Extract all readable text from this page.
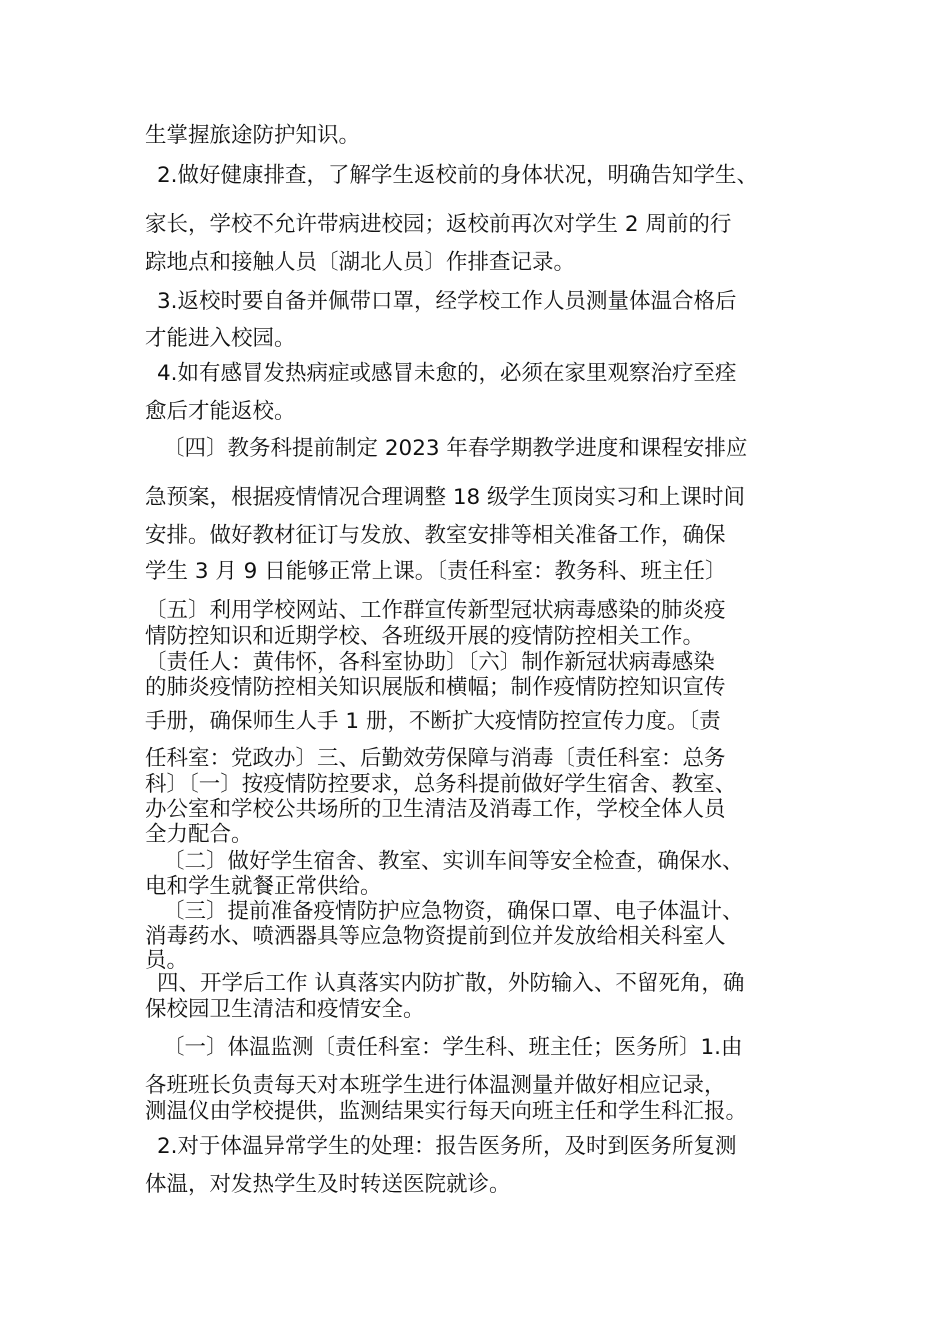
生掌握旅途防护知识。

2.做好健康排查，了解学生返校前的身体状况，明确告知学生、

家长，学校不允许带病进校园；返校前再次对学生 2 周前的行

踪地点和接触人员〔湖北人员〕作排查记录。

3.返校时要自备并佩带口罩，经学校工作人员测量体温合格后

才能进入校园。

4.如有感冒发热病症或感冒未愈的，必须在家里观察治疗至痊

愈后才能返校。

〔四〕教务科提前制定 2023 年春学期教学进度和课程安排应

急预案，根据疫情情况合理调整 18 级学生顶岗实习和上课时间

安排。做好教材征订与发放、教室安排等相关准备工作，确保

学生 3 月 9 日能够正常上课。〔责任科室：教务科、班主任〕

〔五〕利用学校网站、工作群宣传新型冠状病毒感染的肺炎疫

情防控知识和近期学校、各班级开展的疫情防控相关工作。

〔责任人：黄伟怀，各科室协助〕〔六〕制作新冠状病毒感染

的肺炎疫情防控相关知识展版和横幅；制作疫情防控知识宣传

手册，确保师生人手 1 册，不断扩大疫情防控宣传力度。〔责

任科室：党政办〕三、后勤效劳保障与消毒〔责任科室：总务

科〕〔一〕按疫情防控要求，总务科提前做好学生宿舍、教室、

办公室和学校公共场所的卫生清洁及消毒工作，学校全体人员

全力配合。

〔二〕做好学生宿舍、教室、实训车间等安全检查，确保水、

电和学生就餐正常供给。

〔三〕提前准备疫情防护应急物资，确保口罩、电子体温计、

消毒药水、喷洒器具等应急物资提前到位并发放给相关科室人

员。

四、开学后工作 认真落实内防扩散，外防输入、不留死角，确

保校园卫生清洁和疫情安全。

〔一〕体温监测〔责任科室：学生科、班主任；医务所〕1.由

各班班长负责每天对本班学生进行体温测量并做好相应记录，

测温仪由学校提供，监测结果实行每天向班主任和学生科汇报。

2.对于体温异常学生的处理：报告医务所，及时到医务所复测

体温，对发热学生及时转送医院就诊。
